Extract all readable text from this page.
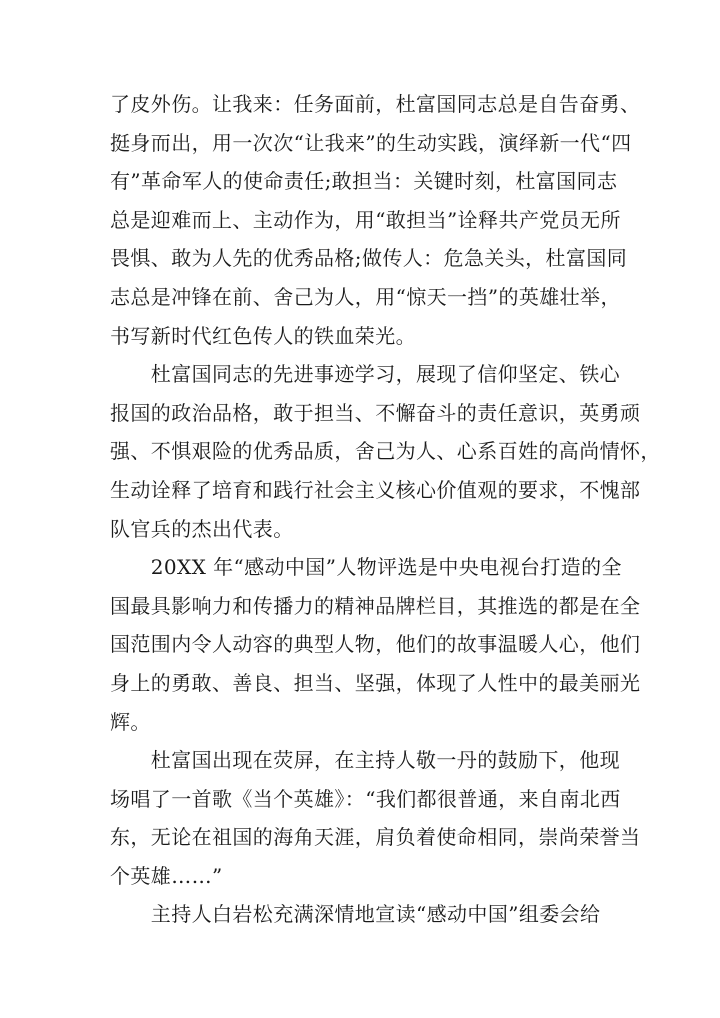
了皮外伤。让我来：任务面前，杜富国同志总是自告奋勇、
挺身而出，用一次次“让我来”的生动实践，演绎新一代“四
有”革命军人的使命责任;敢担当：关键时刻，杜富国同志
总是迎难而上、主动作为，用“敢担当”诠释共产党员无所
畏惧、敢为人先的优秀品格;做传人：危急关头，杜富国同
志总是冲锋在前、舍己为人，用“惊天一挡”的英雄壮举，
书写新时代红色传人的铁血荣光。
　　杜富国同志的先进事迹学习，展现了信仰坚定、铁心
报国的政治品格，敢于担当、不懈奋斗的责任意识，英勇顽
强、不惧艰险的优秀品质，舍己为人、心系百姓的高尚情怀，
生动诠释了培育和践行社会主义核心价值观的要求，不愧部
队官兵的杰出代表。
　　20XX 年“感动中国”人物评选是中央电视台打造的全
国最具影响力和传播力的精神品牌栏目，其推选的都是在全
国范围内令人动容的典型人物，他们的故事温暖人心，他们
身上的勇敢、善良、担当、坚强，体现了人性中的最美丽光
辉。
　　杜富国出现在荧屏，在主持人敬一丹的鼓励下，他现
场唱了一首歌《当个英雄》：“我们都很普通，来自南北西
东，无论在祖国的海角天涯，肩负着使命相同，崇尚荣誉当
个英雄……”
　　主持人白岩松充满深情地宣读“感动中国”组委会给
